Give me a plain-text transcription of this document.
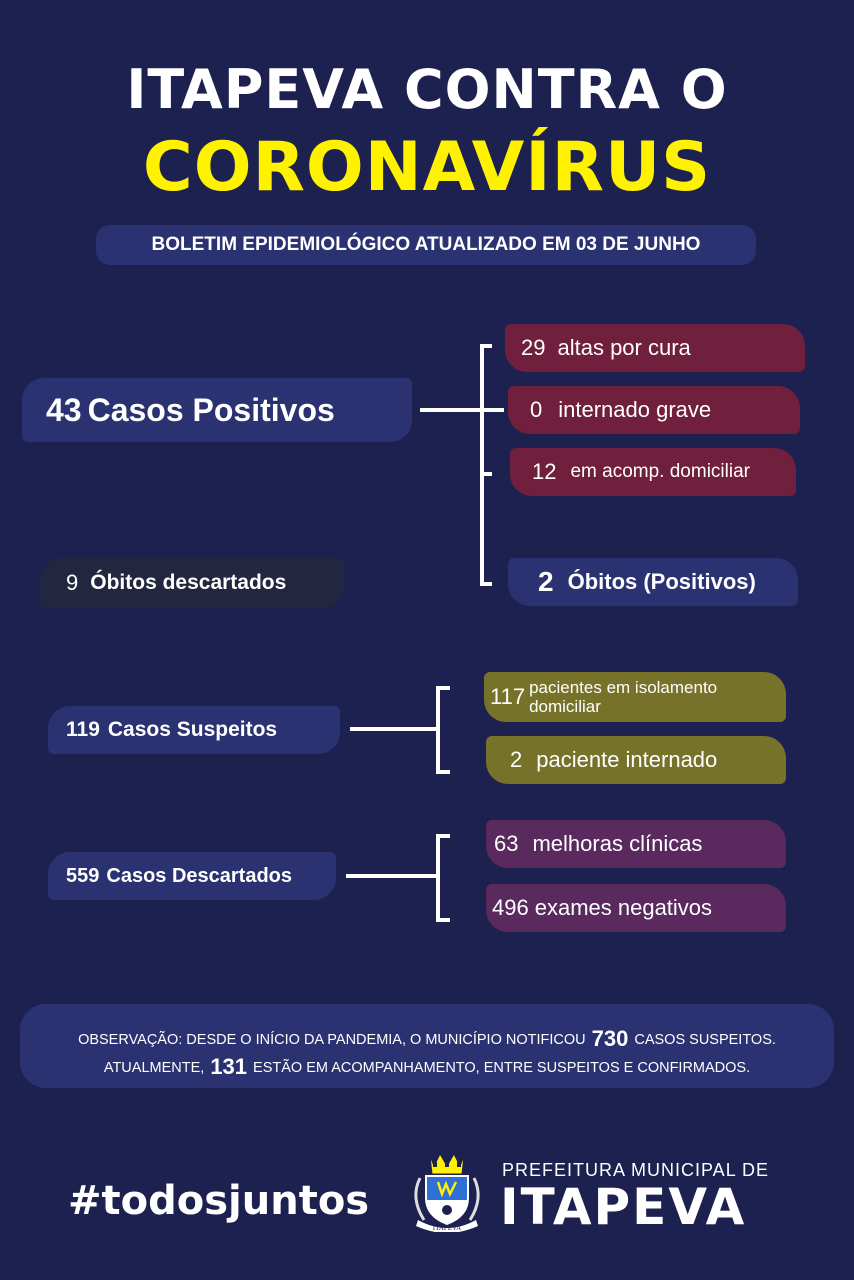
ITAPEVA CONTRA O
CORONAVÍRUS
BOLETIM EPIDEMIOLÓGICO ATUALIZADO EM 03 DE JUNHO
43 Casos Positivos
29 altas por cura
0 internado grave
12 em acomp. domiciliar
2 Óbitos (Positivos)
9 Óbitos descartados
119 Casos Suspeitos
117 pacientes em isolamento
domiciliar
2 paciente internado
559 Casos Descartados
63 melhoras clínicas
496 exames negativos
OBSERVAÇÃO: DESDE O INÍCIO DA PANDEMIA, O MUNICÍPIO NOTIFICOU 730 CASOS SUSPEITOS.
ATUALMENTE, 131 ESTÃO EM ACOMPANHAMENTO, ENTRE SUSPEITOS E CONFIRMADOS.
#todosjuntos
ITAPEVA
PREFEITURA MUNICIPAL DE
ITAPEVA
